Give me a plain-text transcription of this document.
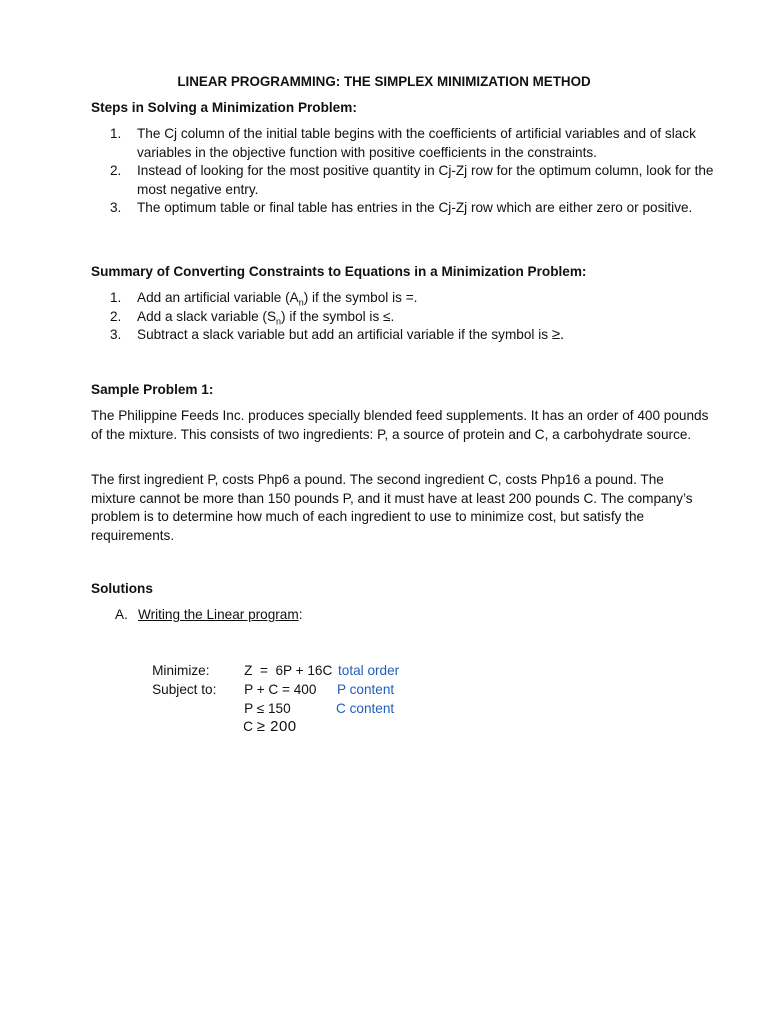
LINEAR PROGRAMMING: THE SIMPLEX MINIMIZATION METHOD
Steps in Solving a Minimization Problem:
1. The Cj column of the initial table begins with the coefficients of artificial variables and of slack variables in the objective function with positive coefficients in the constraints.
2. Instead of looking for the most positive quantity in Cj-Zj row for the optimum column, look for the most negative entry.
3. The optimum table or final table has entries in the Cj-Zj row which are either zero or positive.
Summary of Converting Constraints to Equations in a Minimization Problem:
1. Add an artificial variable $(A_n)$ if the symbol is =.
2. Add a slack variable $(S_n)$ if the symbol is ≤.
3. Subtract a slack variable but add an artificial variable if the symbol is ≥.
Sample Problem 1:

The Philippine Feeds Inc. produces specially blended feed supplements. It has an order of 400 pounds of the mixture. This consists of two ingredients: P, a source of protein and C, a carbohydrate source.

The first ingredient P, costs Php6 a pound. The second ingredient C, costs Php16 a pound. The mixture cannot be more than 150 pounds P, and it must have at least 200 pounds C. The company’s problem is to determine how much of each ingredient to use to minimize cost, but satisfy the requirements.

Solutions
A. Writing the Linear program:

Minimize:	Z  =  6P + 16C

Subject to: P + C = 400

total order

P ≤ 150

P content

C ≥ 200

C content
